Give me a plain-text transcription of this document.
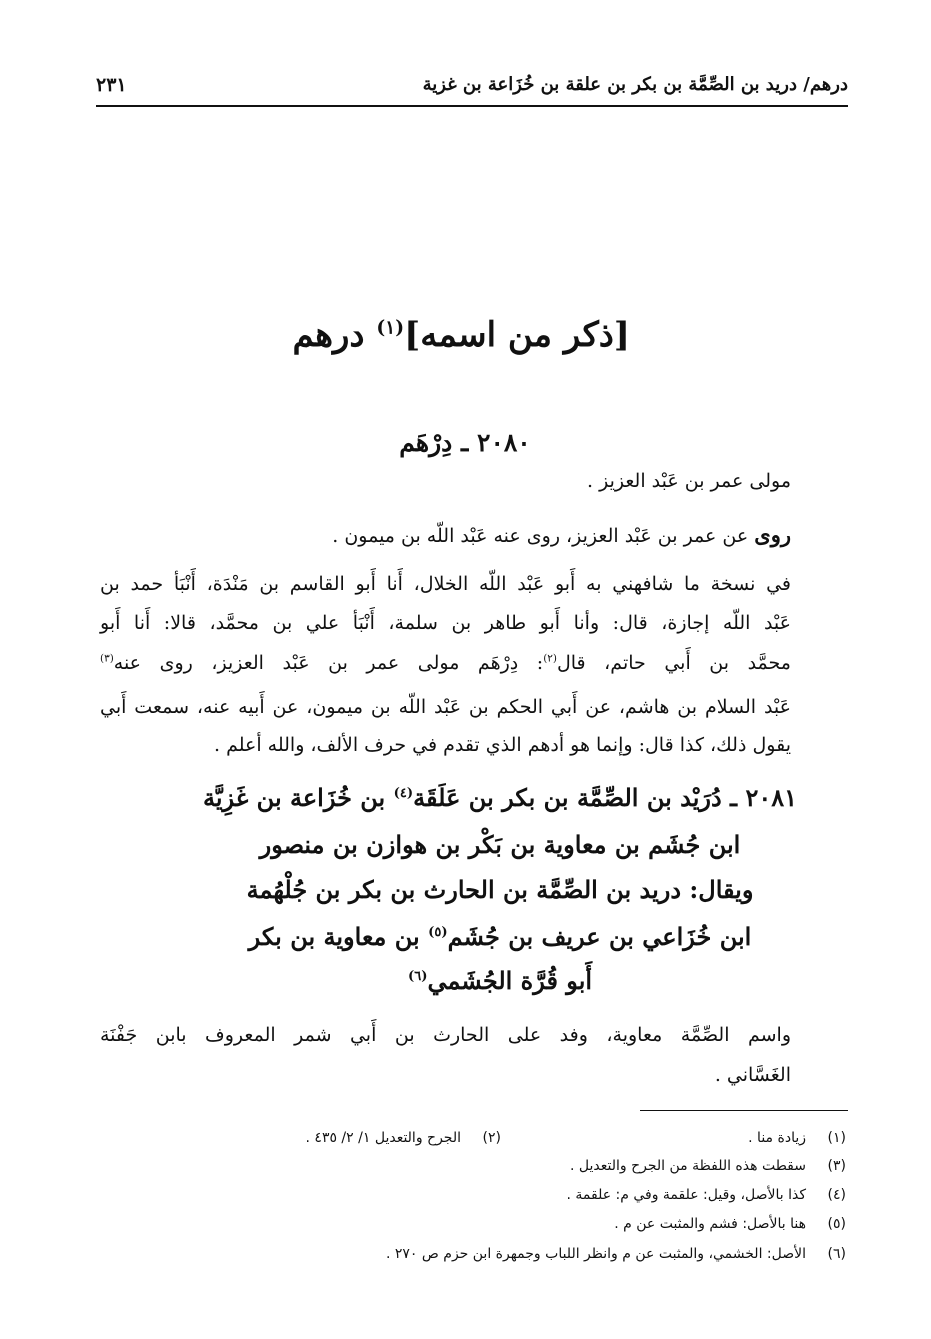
درهم/ دريد بن الصِّمَّة بن بكر بن علقة بن خُزَاعة بن غزية
٢٣١
[ذكر من اسمه]$^{(١)}$ درهم
٢٠٨٠ ـ دِرْهَم
مولى عمر بن عَبْد العزيز .
روى عن عمر بن عَبْد العزيز، روى عنه عَبْد اللّه بن ميمون .
في نسخة ما شافهني به أَبو عَبْد اللّه الخلال، أَنا أَبو القاسم بن مَنْدَة، أَنْبَأ حمد بن
عَبْد اللّه إجازة، قال: وأنا أَبو طاهر بن سلمة، أَنْبَأ علي بن محمَّد، قالا: أَنا أَبو
محمَّد بن أَبي حاتم، قال$^{(٢)}$: دِرْهَم مولى عمر بن عَبْد العزيز، روى عنه$^{(٣)}$
عَبْد السلام بن هاشم، عن أَبي الحكم بن عَبْد اللّه بن ميمون، عن أَبيه عنه، سمعت أَبي
يقول ذلك، كذا قال: وإنما هو أدهم الذي تقدم في حرف الألف، والله أعلم .
٢٠٨١ ـ دُرَيْد بن الصِّمَّة بن بكر بن عَلَقَة$^{(٤)}$ بن خُزَاعة بن غَزِيَّة
ابن جُشَم بن معاوية بن بَكْر بن هوازن بن منصور
ويقال: دريد بن الصِّمَّة بن الحارث بن بكر بن جُلْهُمة
ابن خُزَاعي بن عريف بن جُشَم$^{(٥)}$ بن معاوية بن بكر
أَبو قُرَّة الجُشَمي$^{(٦)}$
واسم الصِّمَّة معاوية، وفد على الحارث بن أَبي شمر المعروف بابن جَفْنَة
الغَسَّاني .
(١)زيادة منا .
(٢)الجرح والتعديل ١/ ٢/ ٤٣٥ .
(٣)سقطت هذه اللفظة من الجرح والتعديل .
(٤)كذا بالأصل، وقيل: علقمة وفي م: علقمة .
(٥)هنا بالأصل: فشم والمثبت عن م .
(٦)الأصل: الخشمي، والمثبت عن م وانظر اللباب وجمهرة ابن حزم ص ٢٧٠ .
